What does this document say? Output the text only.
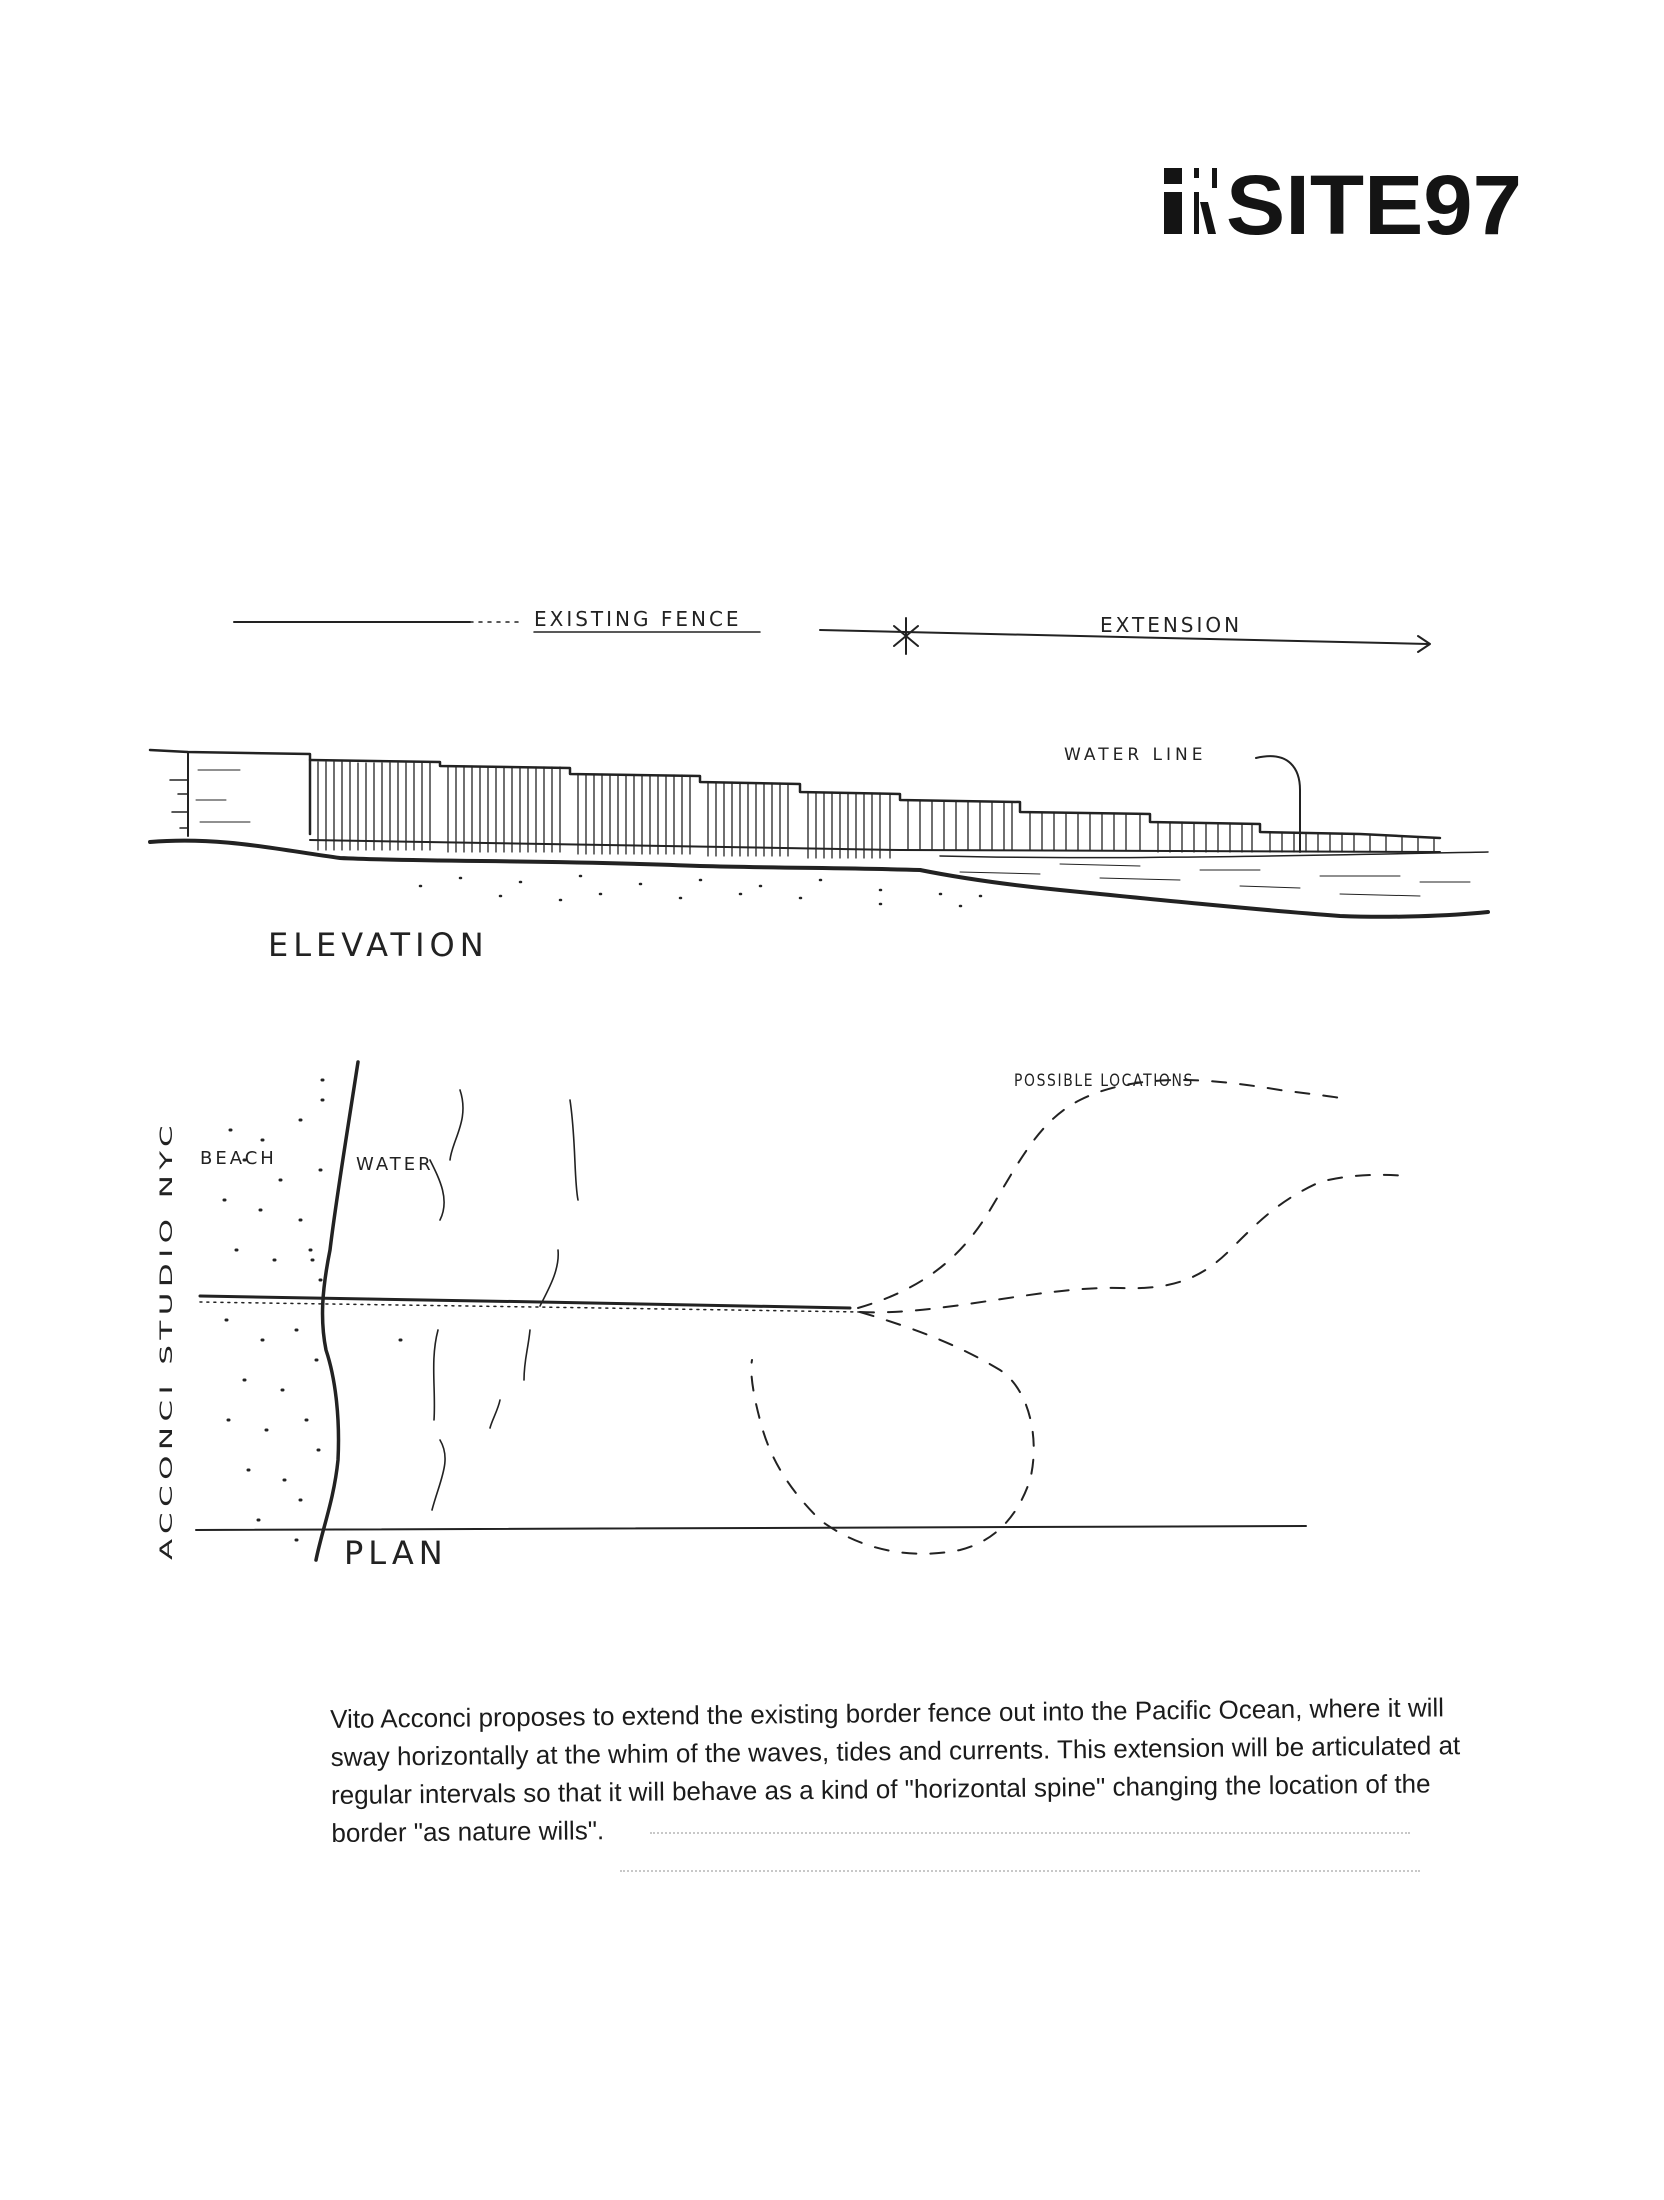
SITE97
EXISTING FENCE	EXTENSION
WATER LINE
ELEVATION
POSSIBLE LOCATIONS
BEACH	WATER
PLAN
ACCONCI STUDIO NYC

Vito Acconci proposes to extend the existing border fence out into the Pacific Ocean, where it will sway horizontally at the whim of the waves, tides and currents. This extension will be articulated at regular intervals so that it will behave as a kind of "horizontal spine" changing the location of the border "as nature wills".
